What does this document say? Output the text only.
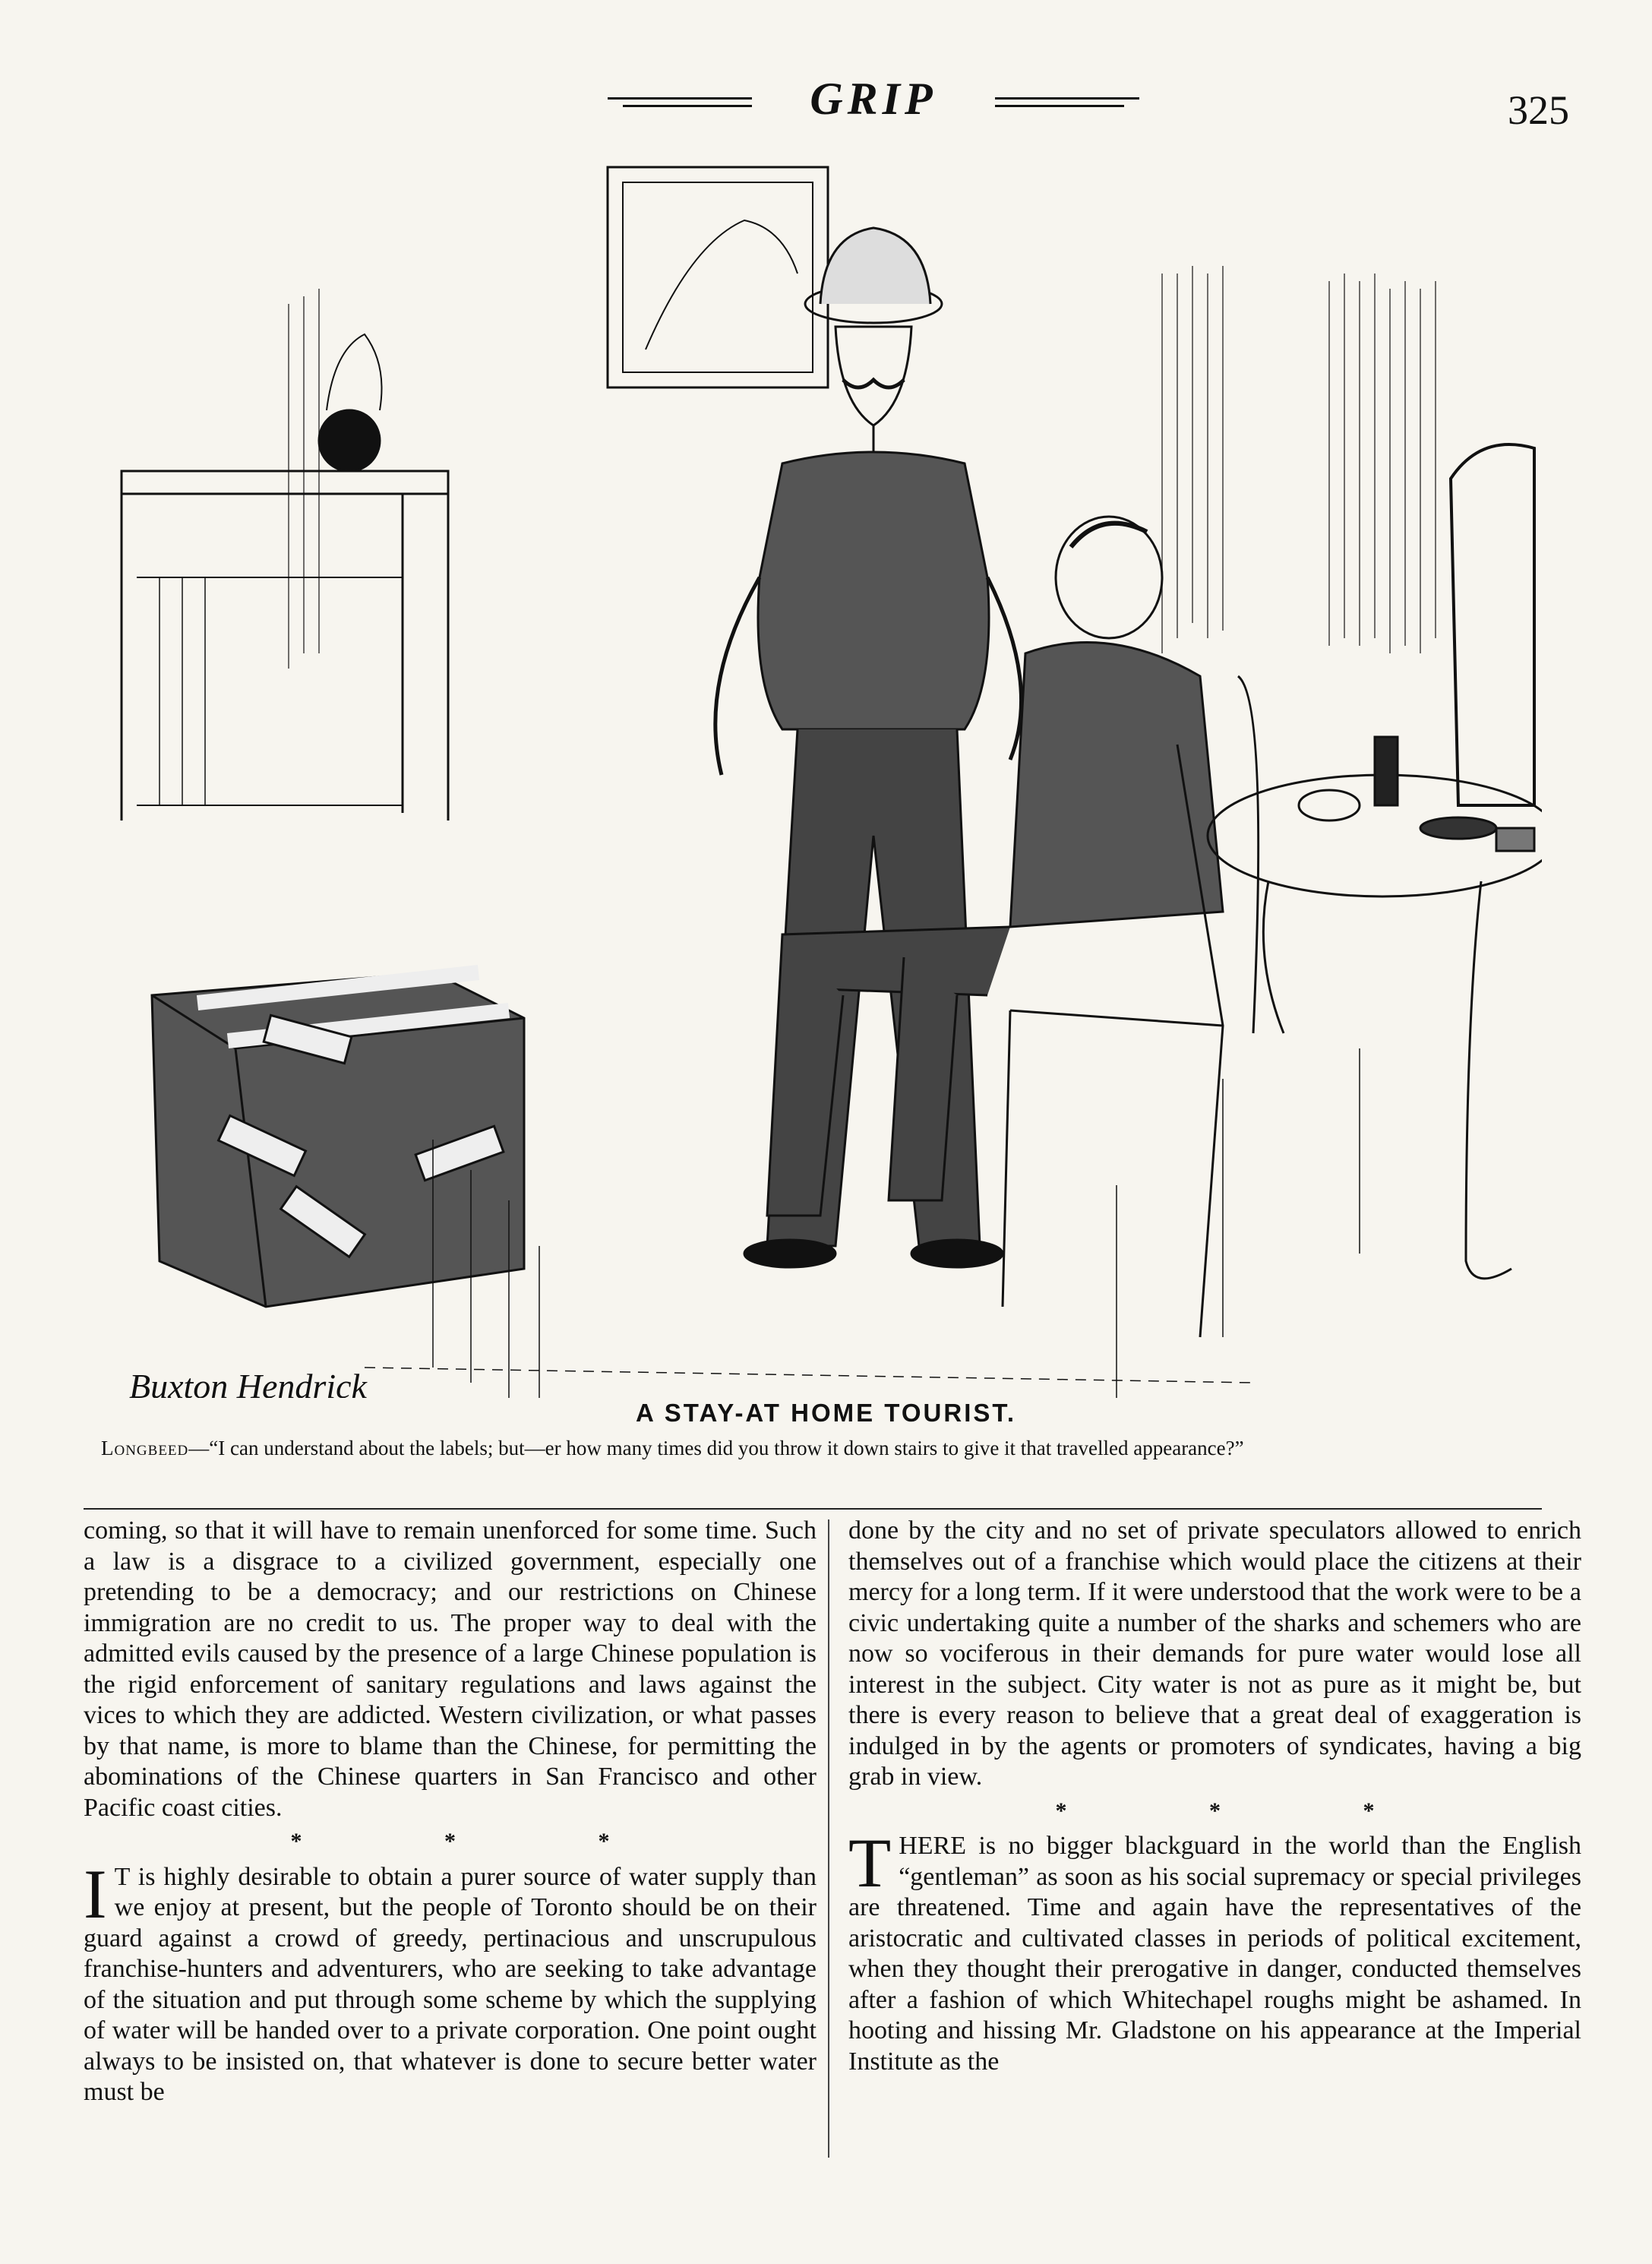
GRIP	325
Buxton Hendrick
A STAY-AT HOME TOURIST.
Longbeed—“I can understand about the labels; but—er how many times did you throw it down stairs to give it that travelled appearance?”

coming, so that it will have to remain unenforced for some time. Such a law is a disgrace to a civilized government, especially one pretending to be a democracy; and our restrictions on Chinese immigration are no credit to us. The proper way to deal with the admitted evils caused by the presence of a large Chinese population is the rigid enforcement of sanitary regulations and laws against the vices to which they are addicted. Western civilization, or what passes by that name, is more to blame than the Chinese, for permitting the abominations of the Chinese quarters in San Francisco and other Pacific coast cities.

* * *

I T is highly desirable to obtain a purer source of water supply than we enjoy at present, but the people of Toronto should be on their guard against a crowd of greedy, pertinacious and unscrupulous franchise-hunters and adventurers, who are seeking to take advantage of the situation and put through some scheme by which the supplying of water will be handed over to a private corporation. One point ought always to be insisted on, that whatever is done to secure better water must be

done by the city and no set of private speculators allowed to enrich themselves out of a franchise which would place the citizens at their mercy for a long term. If it were understood that the work were to be a civic undertaking quite a number of the sharks and schemers who are now so vociferous in their demands for pure water would lose all interest in the subject. City water is not as pure as it might be, but there is every reason to believe that a great deal of exaggeration is indulged in by the agents or promoters of syndicates, having a big grab in view.

* * *

THERE is no bigger blackguard in the world than the English “gentleman” as soon as his social supremacy or special privileges are threatened. Time and again have the representatives of the aristocratic and cultivated classes in periods of political excitement, when they thought their prerogative in danger, conducted themselves after a fashion of which Whitechapel roughs might be ashamed. In hooting and hissing Mr. Gladstone on his appearance at the Imperial Institute as the
